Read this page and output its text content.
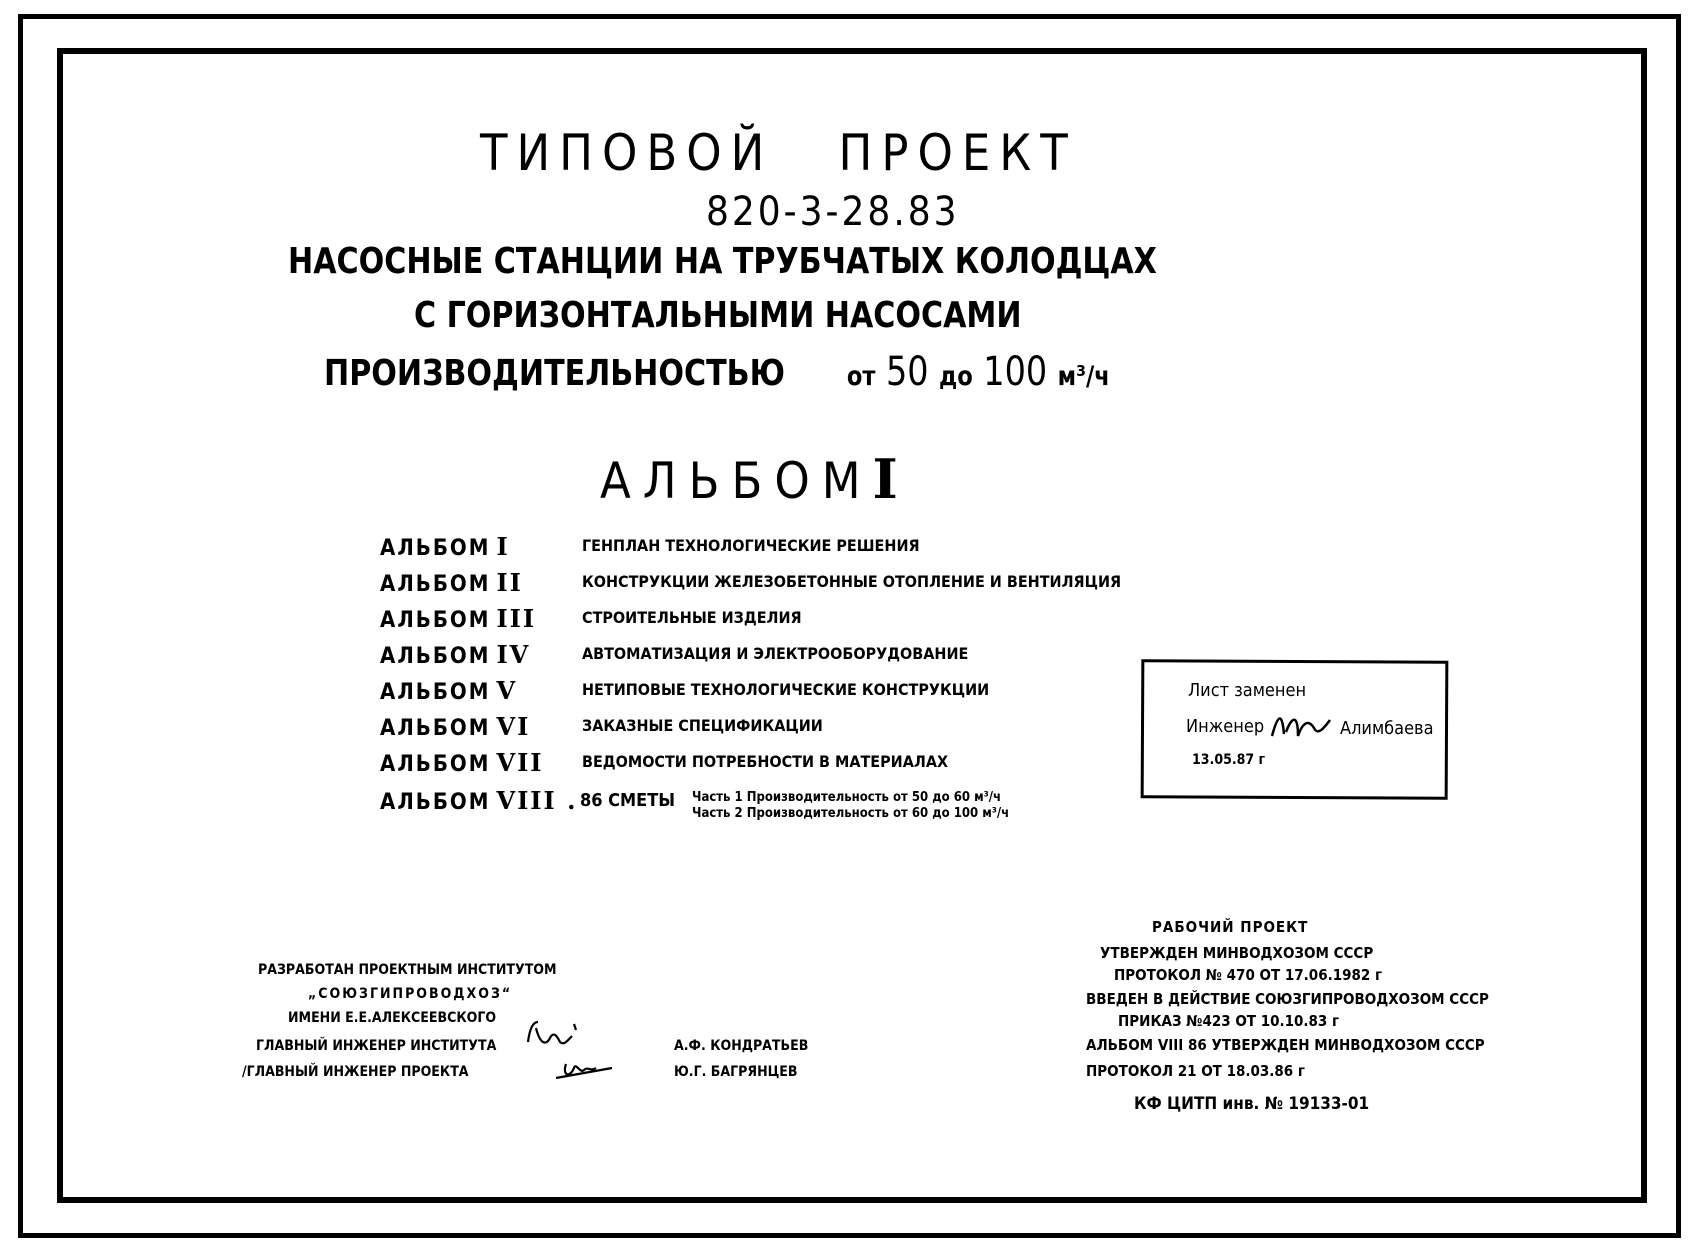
ТИПОВОЙ ПРОЕКТ
820-3-28.83
НАСОСНЫЕ СТАНЦИИ НА ТРУБЧАТЫХ КОЛОДЦАХ
С ГОРИЗОНТАЛЬНЫМИ НАСОСАМИ
ПРОИЗВОДИТЕЛЬНОСТЬЮ от 50 до 100 м³/ч
АЛЬБОМI
АЛЬБОМ I	ГЕНПЛАН ТЕХНОЛОГИЧЕСКИЕ РЕШЕНИЯ
АЛЬБОМ II	КОНСТРУКЦИИ ЖЕЛЕЗОБЕТОННЫЕ ОТОПЛЕНИЕ И ВЕНТИЛЯЦИЯ
АЛЬБОМ III	СТРОИТЕЛЬНЫЕ ИЗДЕЛИЯ
АЛЬБОМ IV	АВТОМАТИЗАЦИЯ И ЭЛЕКТРООБОРУДОВАНИЕ
АЛЬБОМ V	НЕТИПОВЫЕ ТЕХНОЛОГИЧЕСКИЕ КОНСТРУКЦИИ
АЛЬБОМ VI	ЗАКАЗНЫЕ СПЕЦИФИКАЦИИ
АЛЬБОМ VII ВЕДОМОСТИ ПОТРЕБНОСТИ В МАТЕРИАЛАХ
АЛЬБОМ VIII . 86 СМЕТЫ Часть 1 Производительность от 50 до 60 м³/ч
Часть 2 Производительность от 60 до 100 м³/ч
Лист заменен
Инженер	Алимбаева
13.05.87 г
РАЗРАБОТАН ПРОЕКТНЫМ ИНСТИТУТОМ
„СОЮЗГИПРОВОДХОЗ“
ИМЕНИ Е.Е.АЛЕКСЕЕВСКОГО
ГЛАВНЫЙ ИНЖЕНЕР ИНСТИТУТА
/ГЛАВНЫЙ ИНЖЕНЕР ПРОЕКТА
А.Ф. КОНДРАТЬЕВ
Ю.Г. БАГРЯНЦЕВ
РАБОЧИЙ ПРОЕКТ
УТВЕРЖДЕН МИНВОДХОЗОМ СССР
ПРОТОКОЛ № 470 ОТ 17.06.1982 г
ВВЕДЕН В ДЕЙСТВИЕ СОЮЗГИПРОВОДХОЗОМ СССР
ПРИКАЗ №423 ОТ 10.10.83 г
АЛЬБОМ VIII 86 УТВЕРЖДЕН МИНВОДХОЗОМ СССР
ПРОТОКОЛ 21 ОТ 18.03.86 г
КФ ЦИТП инв. № 19133-01
